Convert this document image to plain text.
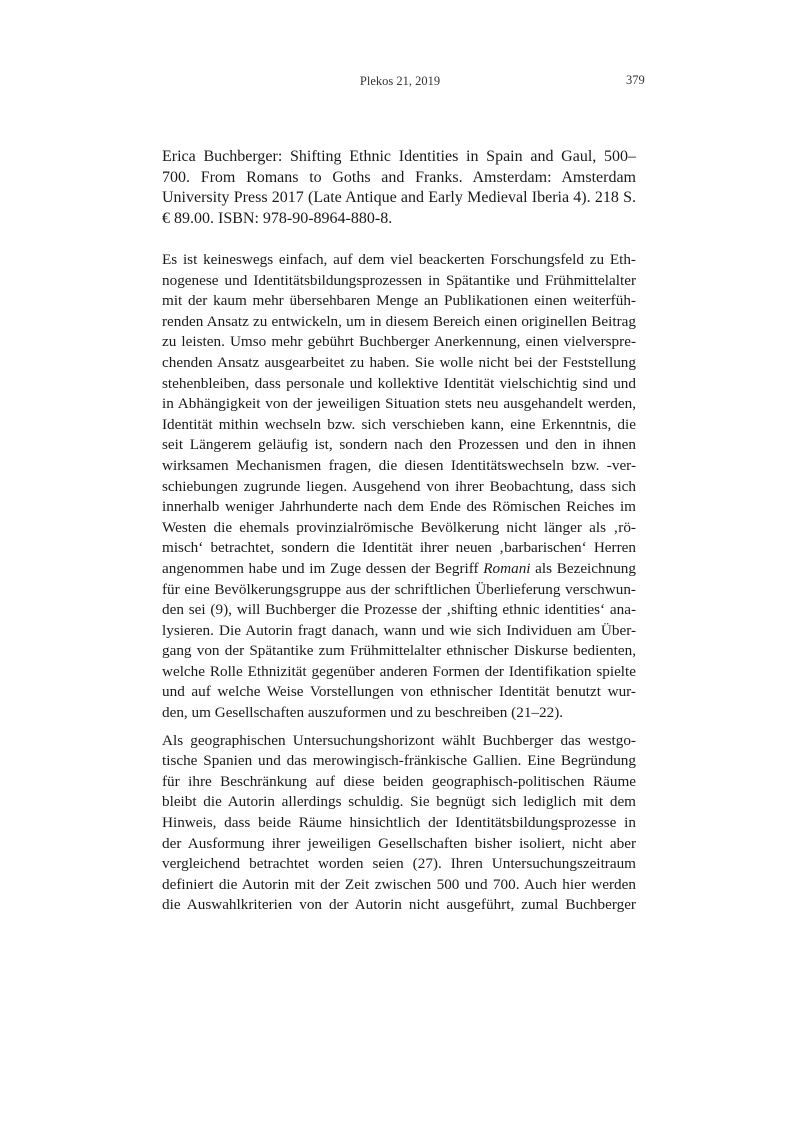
Plekos 21, 2019	379

Erica Buchberger: Shifting Ethnic Identities in Spain and Gaul, 500–
700. From Romans to Goths and Franks. Amsterdam: Amsterdam
University Press 2017 (Late Antique and Early Medieval Iberia 4). 218 S.
€ 89.00. ISBN: 978-90-8964-880-8.

Es ist keineswegs einfach, auf dem viel beackerten Forschungsfeld zu Eth-
nogenese und Identitätsbildungsprozessen in Spätantike und Frühmittelalter
mit der kaum mehr übersehbaren Menge an Publikationen einen weiterfüh-
renden Ansatz zu entwickeln, um in diesem Bereich einen originellen Beitrag
zu leisten. Umso mehr gebührt Buchberger Anerkennung, einen vielverspre-
chenden Ansatz ausgearbeitet zu haben. Sie wolle nicht bei der Feststellung
stehenbleiben, dass personale und kollektive Identität vielschichtig sind und
in Abhängigkeit von der jeweiligen Situation stets neu ausgehandelt werden,
Identität mithin wechseln bzw. sich verschieben kann, eine Erkenntnis, die
seit Längerem geläufig ist, sondern nach den Prozessen und den in ihnen
wirksamen Mechanismen fragen, die diesen Identitätswechseln bzw. -ver-
schiebungen zugrunde liegen. Ausgehend von ihrer Beobachtung, dass sich
innerhalb weniger Jahrhunderte nach dem Ende des Römischen Reiches im
Westen die ehemals provinzialrömische Bevölkerung nicht länger als ‚rö-
misch‘ betrachtet, sondern die Identität ihrer neuen ‚barbarischen‘ Herren
angenommen habe und im Zuge dessen der Begriff Romani als Bezeichnung
für eine Bevölkerungsgruppe aus der schriftlichen Überlieferung verschwun-
den sei (9), will Buchberger die Prozesse der ‚shifting ethnic identities‘ ana-
lysieren. Die Autorin fragt danach, wann und wie sich Individuen am Über-
gang von der Spätantike zum Frühmittelalter ethnischer Diskurse bedienten,
welche Rolle Ethnizität gegenüber anderen Formen der Identifikation spielte
und auf welche Weise Vorstellungen von ethnischer Identität benutzt wur-
den, um Gesellschaften auszuformen und zu beschreiben (21–22).

Als geographischen Untersuchungshorizont wählt Buchberger das westgo-
tische Spanien und das merowingisch-fränkische Gallien. Eine Begründung
für ihre Beschränkung auf diese beiden geographisch-politischen Räume
bleibt die Autorin allerdings schuldig. Sie begnügt sich lediglich mit dem
Hinweis, dass beide Räume hinsichtlich der Identitätsbildungsprozesse in
der Ausformung ihrer jeweiligen Gesellschaften bisher isoliert, nicht aber
vergleichend betrachtet worden seien (27). Ihren Untersuchungszeitraum
definiert die Autorin mit der Zeit zwischen 500 und 700. Auch hier werden
die Auswahlkriterien von der Autorin nicht ausgeführt, zumal Buchberger
